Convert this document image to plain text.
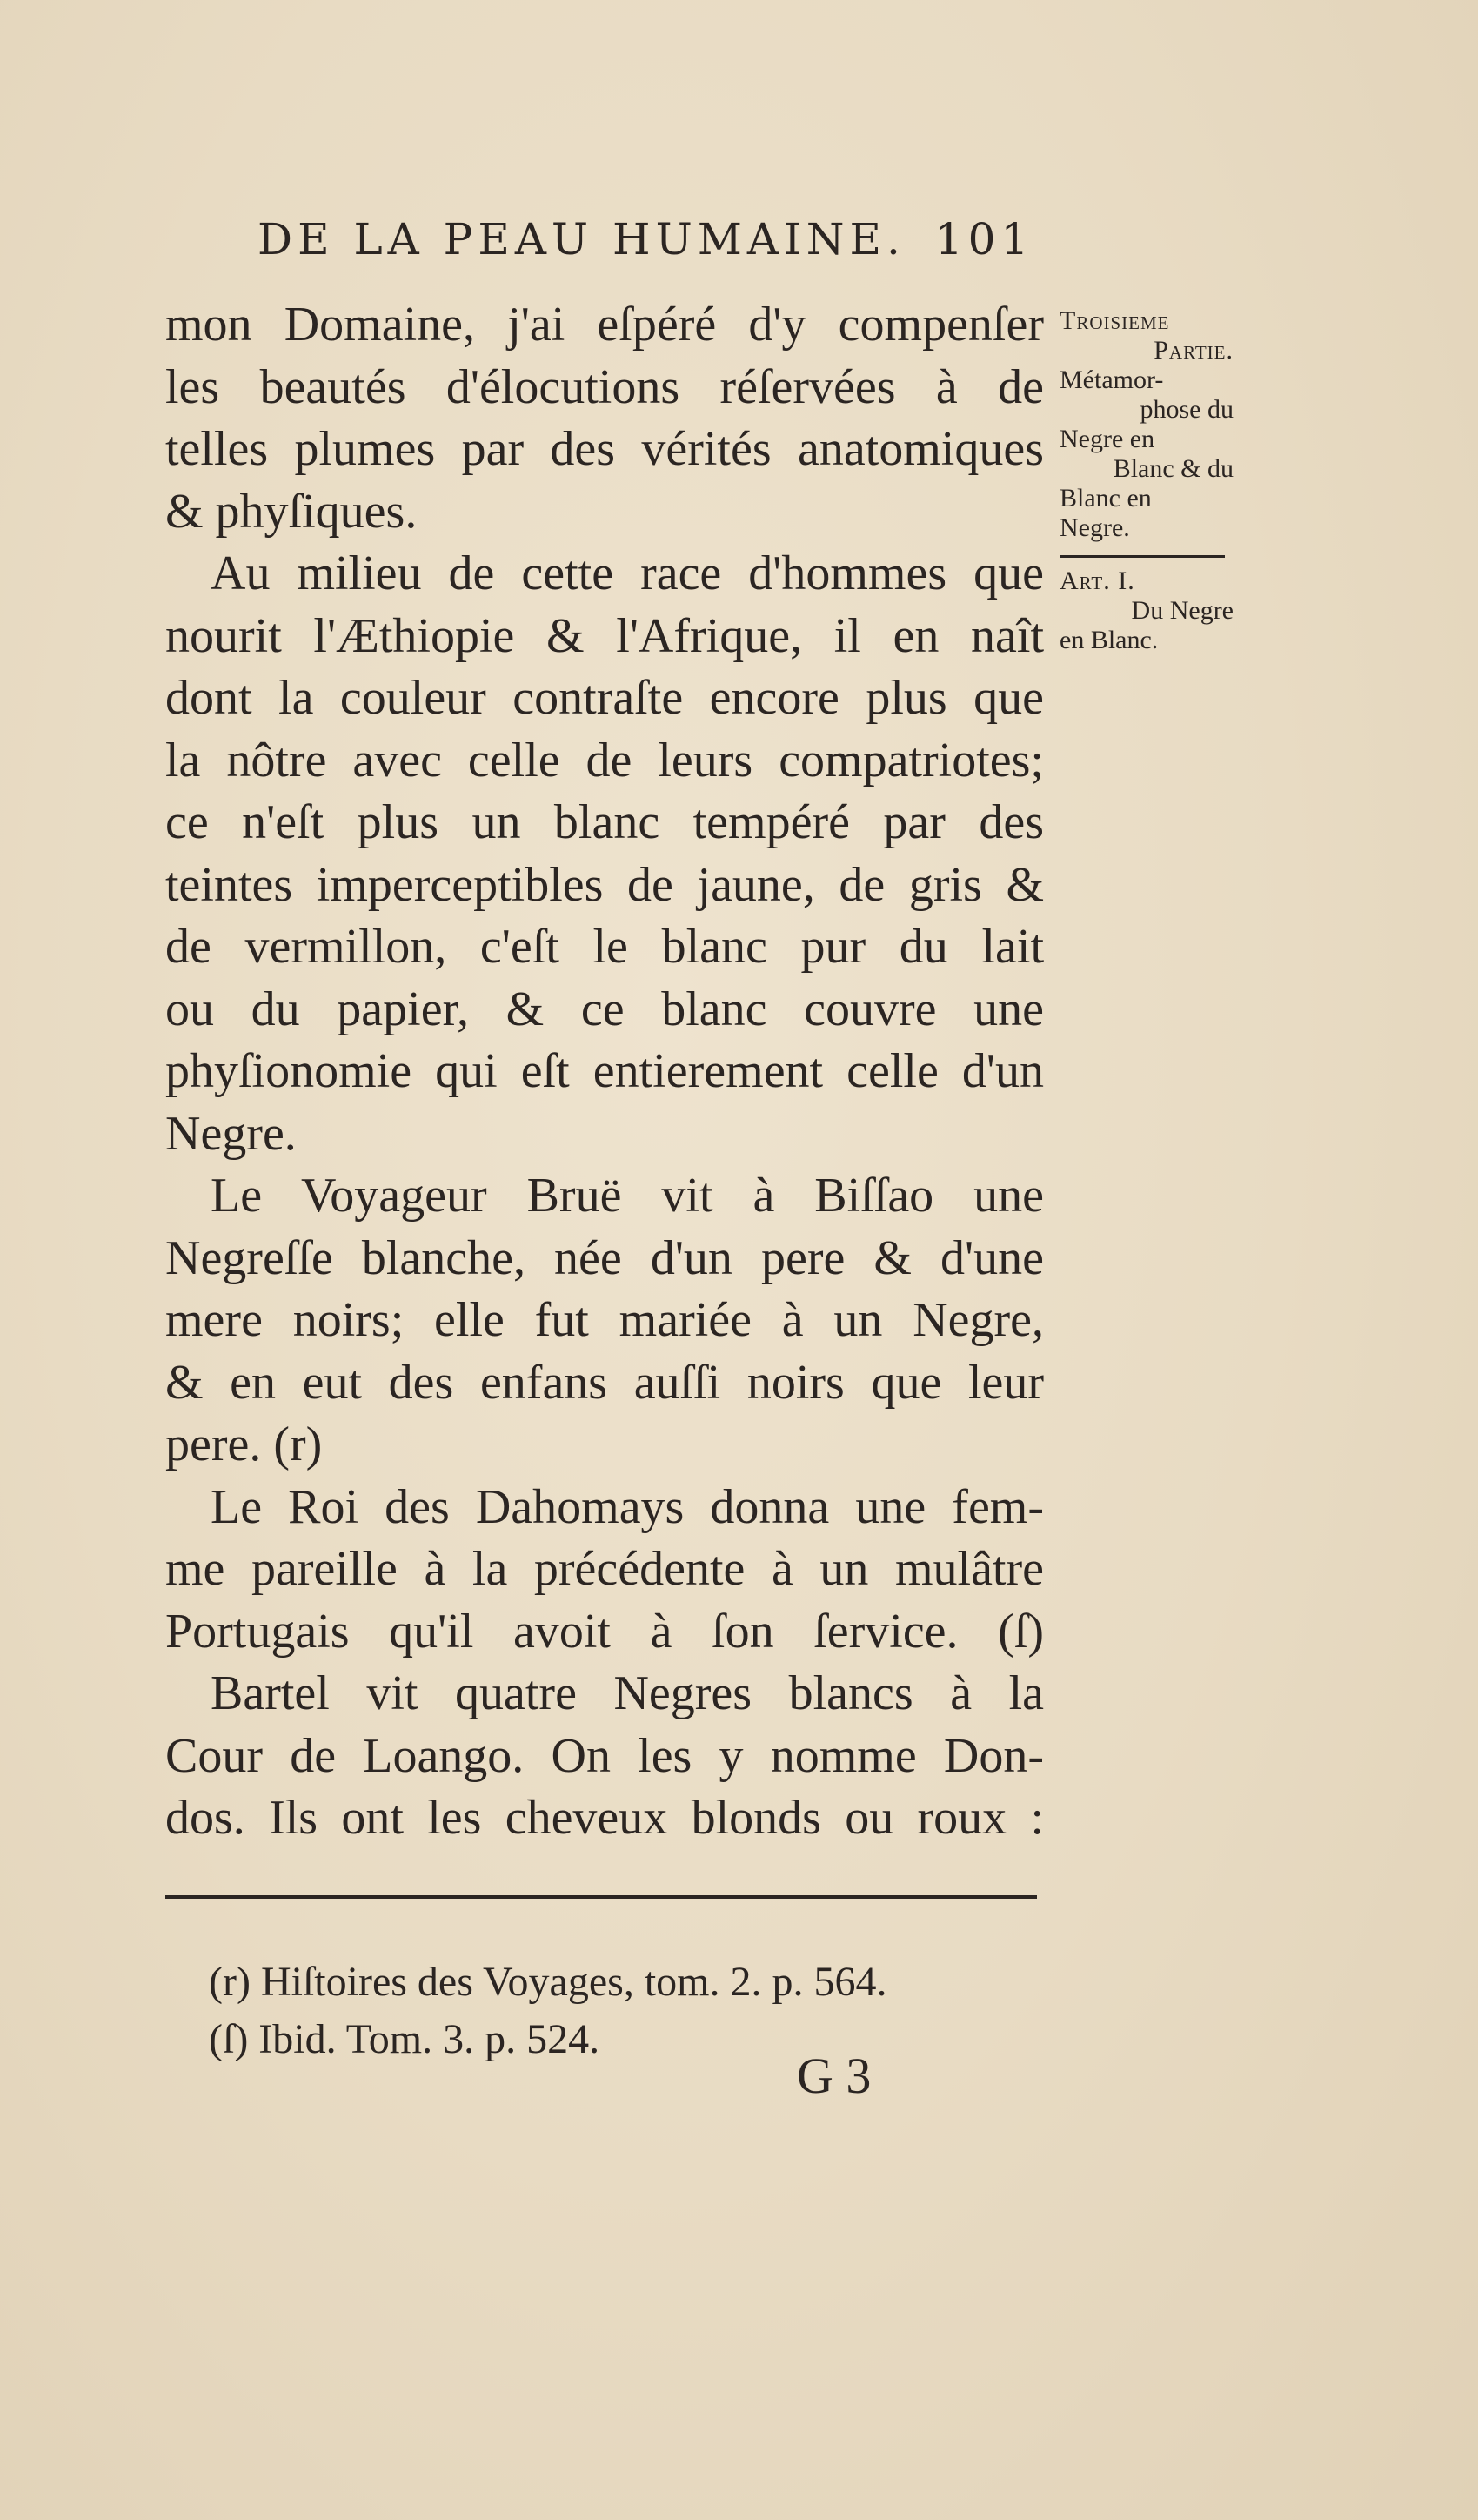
DE LA PEAU HUMAINE. 101
mon Domaine, j'ai eſpéré d'y compenſer
les beautés d'élocutions réſervées à de
telles plumes par des vérités anatomiques
& phyſiques.
Au milieu de cette race d'hommes que
nourit l'Æthiopie & l'Afrique, il en naît
dont la couleur contraſte encore plus que
la nôtre avec celle de leurs compatriotes;
ce n'eſt plus un blanc tempéré par des
teintes imperceptibles de jaune, de gris &
de vermillon, c'eſt le blanc pur du lait
ou du papier, & ce blanc couvre une
phyſionomie qui eſt entierement celle d'un
Negre.
Le Voyageur Bruë vit à Biſſao une
Negreſſe blanche, née d'un pere & d'une
mere noirs; elle fut mariée à un Negre,
& en eut des enfans auſſi noirs que leur
pere. (r)
Le Roi des Dahomays donna une fem-
me pareille à la précédente à un mulâtre
Portugais qu'il avoit à ſon ſervice. (ſ)
Bartel vit quatre Negres blancs à la
Cour de Loango. On les y nomme Don-
dos. Ils ont les cheveux blonds ou roux :
Troisieme
Partie.
Métamor-
phose du
Negre en
Blanc & du
Blanc en
Negre.
Art. I.
Du Negre
en Blanc.
(r) Hiſtoires des Voyages, tom. 2. p. 564.
(ſ) Ibid. Tom. 3. p. 524.
G 3
